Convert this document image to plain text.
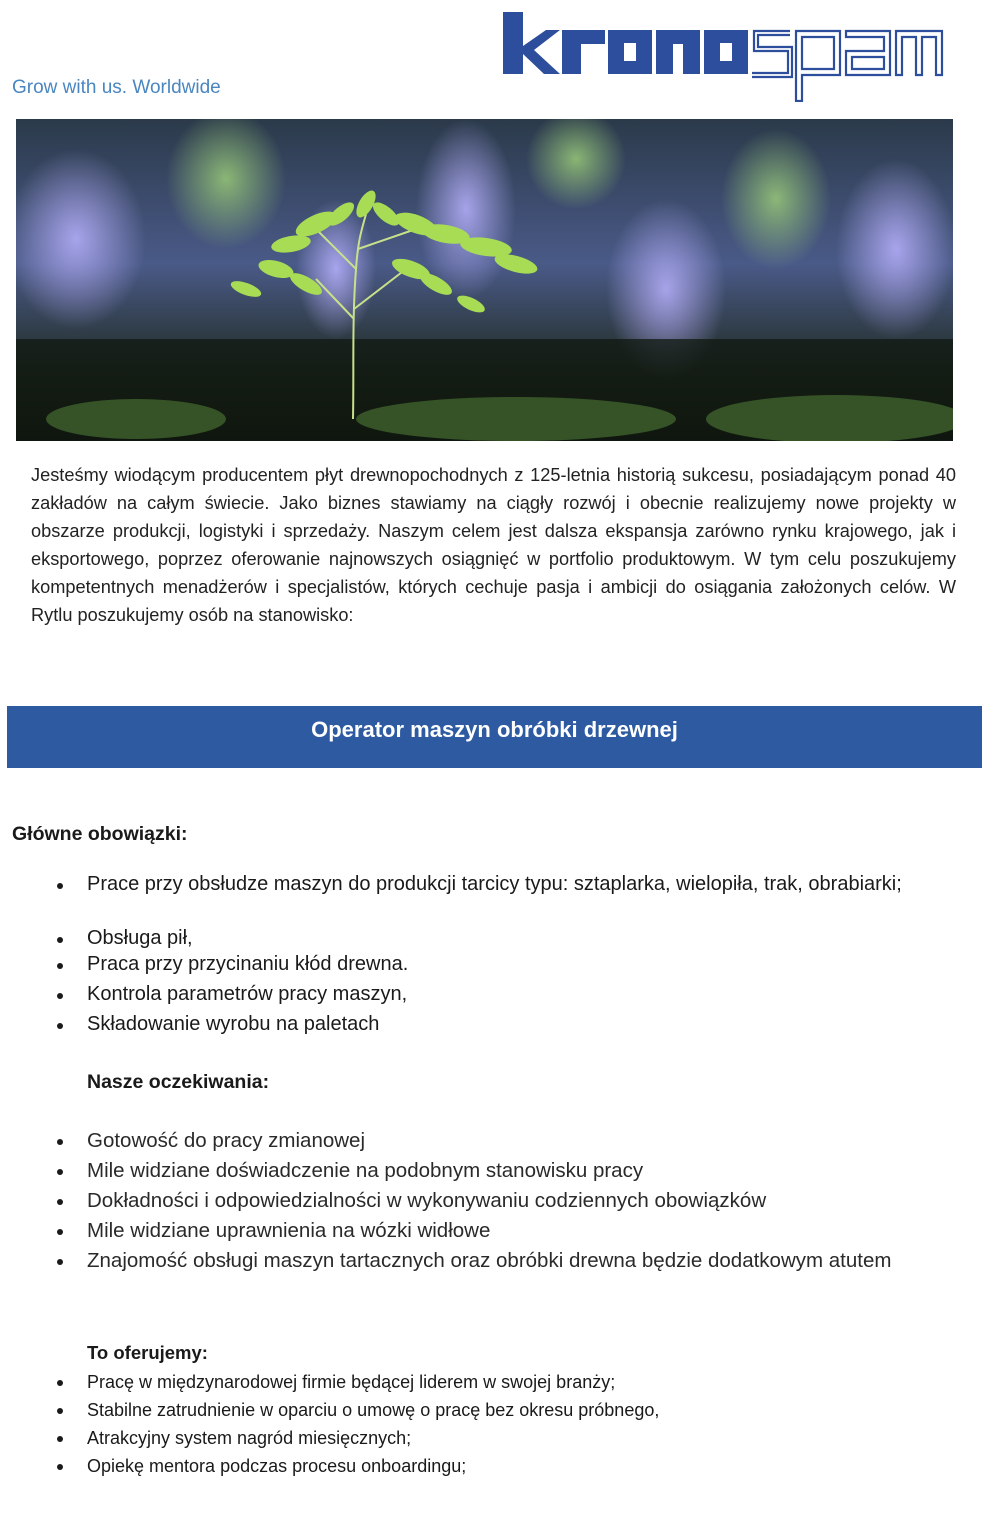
Grow with us. Worldwide

Jesteśmy wiodącym producentem płyt drewnopochodnych z 125-letnia historią sukcesu, posiadającym ponad 40 zakładów na całym świecie. Jako biznes stawiamy na ciągły rozwój i obecnie realizujemy nowe projekty w obszarze produkcji, logistyki i sprzedaży. Naszym celem jest dalsza ekspansja zarówno rynku krajowego, jak i eksportowego, poprzez oferowanie najnowszych osiągnięć w portfolio produktowym. W tym celu poszukujemy kompetentnych menadżerów i specjalistów, których cechuje pasja i ambicji do osiągania założonych celów. W Rytlu poszukujemy osób na stanowisko:

Operator maszyn obróbki drzewnej
Główne obowiązki:
Prace przy obsłudze maszyn do produkcji tarcicy typu: sztaplarka, wielopiła, trak, obrabiarki;
Obsługa pił,
Praca przy przycinaniu kłód drewna.
Kontrola parametrów pracy maszyn,
Składowanie wyrobu na paletach
Nasze oczekiwania:
Gotowość do pracy zmianowej
Mile widziane doświadczenie na podobnym stanowisku pracy
Dokładności i odpowiedzialności w wykonywaniu codziennych obowiązków
Mile widziane uprawnienia na wózki widłowe
Znajomość obsługi maszyn tartacznych oraz obróbki drewna będzie dodatkowym atutem
To oferujemy:
Pracę w międzynarodowej firmie będącej liderem w swojej branży;
Stabilne zatrudnienie w oparciu o umowę o pracę bez okresu próbnego,
Atrakcyjny system nagród miesięcznych;
Opiekę mentora podczas procesu onboardingu;
